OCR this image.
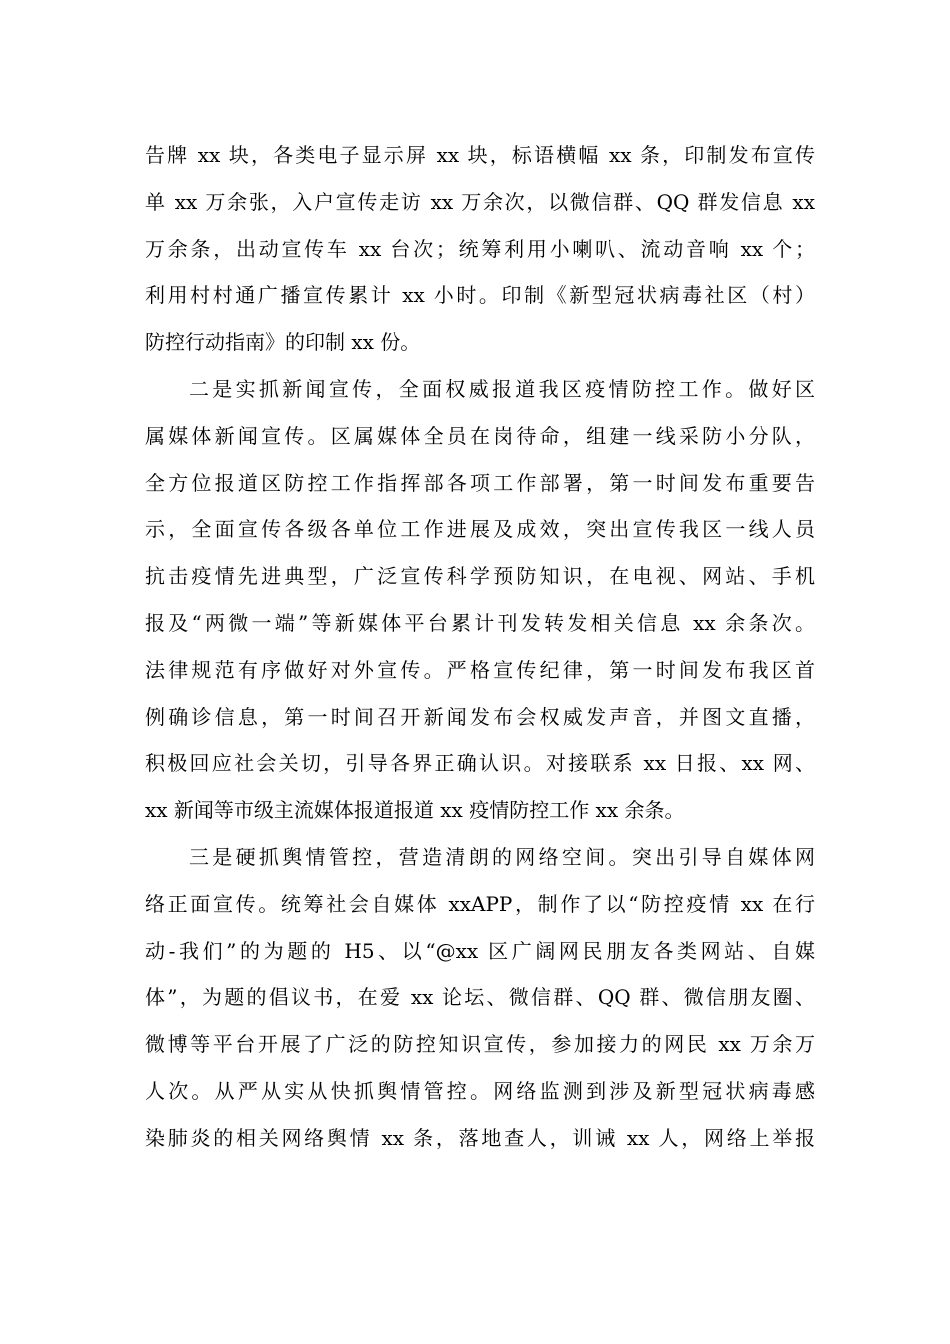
告牌 xx 块，各类电子显示屏 xx 块，标语横幅 xx 条，印制发布宣传
单 xx 万余张，入户宣传走访 xx 万余次，以微信群、QQ 群发信息 xx
万余条，出动宣传车 xx 台次；统筹利用小喇叭、流动音响 xx 个；
利用村村通广播宣传累计 xx 小时。印制《新型冠状病毒社区（村）
防控行动指南》的印制 xx 份。
二是实抓新闻宣传，全面权威报道我区疫情防控工作。做好区
属媒体新闻宣传。区属媒体全员在岗待命，组建一线采防小分队，
全方位报道区防控工作指挥部各项工作部署，第一时间发布重要告
示，全面宣传各级各单位工作进展及成效，突出宣传我区一线人员
抗击疫情先进典型，广泛宣传科学预防知识，在电视、网站、手机
报及“两微一端”等新媒体平台累计刊发转发相关信息 xx 余条次。
法律规范有序做好对外宣传。严格宣传纪律，第一时间发布我区首
例确诊信息，第一时间召开新闻发布会权威发声音，并图文直播，
积极回应社会关切，引导各界正确认识。对接联系 xx 日报、xx 网、
xx 新闻等市级主流媒体报道报道 xx 疫情防控工作 xx 余条。
三是硬抓舆情管控，营造清朗的网络空间。突出引导自媒体网
络正面宣传。统筹社会自媒体 xxAPP，制作了以“防控疫情 xx 在行
动-我们”的为题的 H5、以“@xx 区广阔网民朋友各类网站、自媒
体”，为题的倡议书，在爱 xx 论坛、微信群、QQ 群、微信朋友圈、
微博等平台开展了广泛的防控知识宣传，参加接力的网民 xx 万余万
人次。从严从实从快抓舆情管控。网络监测到涉及新型冠状病毒感
染肺炎的相关网络舆情 xx 条，落地查人，训诫 xx 人，网络上举报
